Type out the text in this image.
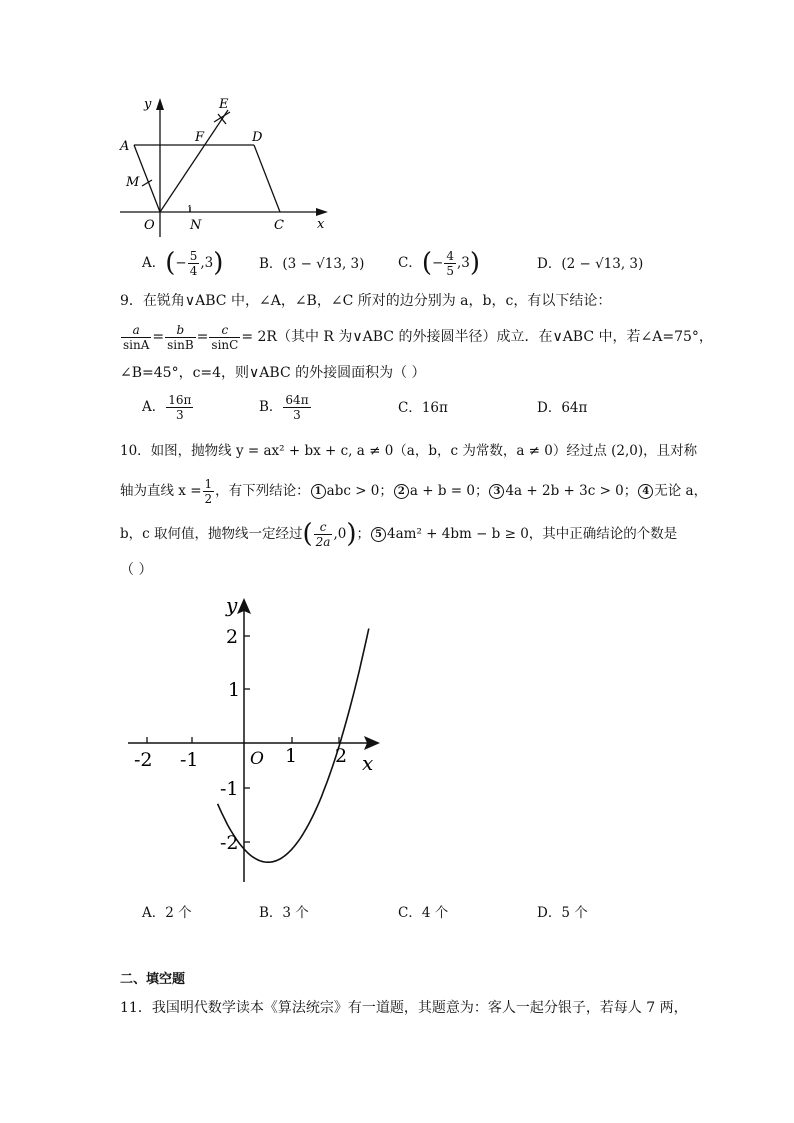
y	E
F	D
A
M
O
1
N	C	x
A． ( − $\frac{5}{4} ,3$ )	B．(3 − √13, 3) C． ( − $\frac{4}{5} ,3$ )	D．(2 − √13, 3)
9．在锐角∨ABC 中，∠A，∠B，∠C 所对的边分别为 a，b，c，有以下结论：
$\frac{a}{\sin A} = \frac{b}{\sin B} = \frac{c}{\sin C} = 2R$（其中 R 为∨ABC 的外接圆半径）成立．在∨ABC 中，若∠A=75°，
∠B=45°，c=4，则∨ABC 的外接圆面积为（ ）
A． $\frac{16\pi}{3}$	B． $\frac{64\pi}{3}$	C．16π	D．64π
10．如图，抛物线 y = ax² + bx + c, a ≠ 0（a，b，c 为常数，a ≠ 0）经过点 (2,0)，且对称
轴为直线 $x = \frac{1}{2}$ ，有下列结论： 1 abc > 0； 2 a + b = 0； 3 4a + 2b + 3c > 0； 4 无论 a，
b，c 取何值，抛物线一定经过 ( $\frac{c}{2a} ,0$ ) ； 5 4am² + 4bm − b ≥ 0，其中正确结论的个数是
（ ）
y
x
O
-2 -1	1 2
2
1
-1
-2
A．2 个	B．3 个	C．4 个	D．5 个
二、填空题
11．我国明代数学读本《算法统宗》有一道题，其题意为：客人一起分银子，若每人 7 两，
